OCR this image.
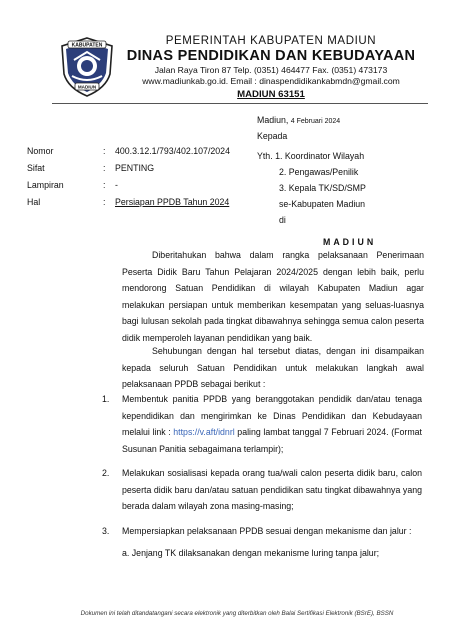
KABUPATEN
MADIUN
PEMERINTAH KABUPATEN MADIUN
DINAS PENDIDIKAN DAN KEBUDAYAAN
Jalan Raya Tiron 87 Telp. (0351) 464477 Fax. (0351) 473173
www.madiunkab.go.id. Email : dinaspendidikankabmdn@gmail.com
MADIUN 63151
Madiun, 4 Februari 2024
Kepada
Nomor	: 400.3.12.1/793/402.107/2024
Sifat	: PENTING
Lampiran	: -
Hal	: Persiapan PPDB Tahun 2024
Yth. 1. Koordinator Wilayah
2. Pengawas/Penilik
3. Kepala TK/SD/SMP
se-Kabupaten Madiun
di
MADIUN

Diberitahukan bahwa dalam rangka pelaksanaan Penerimaan Peserta Didik Baru Tahun Pelajaran 2024/2025 dengan lebih baik, perlu mendorong Satuan Pendidikan di wilayah Kabupaten Madiun agar melakukan persiapan untuk memberikan kesempatan yang seluas-luasnya bagi lulusan sekolah pada tingkat dibawahnya sehingga semua calon peserta didik memperoleh layanan pendidikan yang baik.

Sehubungan dengan hal tersebut diatas, dengan ini disampaikan kepada seluruh Satuan Pendidikan untuk melakukan langkah awal pelaksanaan PPDB sebagai berikut :

1. Membentuk panitia PPDB yang beranggotakan pendidik dan/atau tenaga kependidikan dan mengirimkan ke Dinas Pendidikan dan Kebudayaan melalui link : https://v.aft/idnrl paling lambat tanggal 7 Februari 2024. (Format Susunan Panitia sebagaimana terlampir);
2. Melakukan sosialisasi kepada orang tua/wali calon peserta didik baru, calon peserta didik baru dan/atau satuan pendidikan satu tingkat dibawahnya yang berada dalam wilayah zona masing-masing;
3. Mempersiapkan pelaksanaan PPDB sesuai dengan mekanisme dan jalur :
a. Jenjang TK dilaksanakan dengan mekanisme luring tanpa jalur;
Dokumen ini telah ditandatangani secara elektronik yang diterbitkan oleh Balai Sertifikasi Elektronik (BSrE), BSSN
